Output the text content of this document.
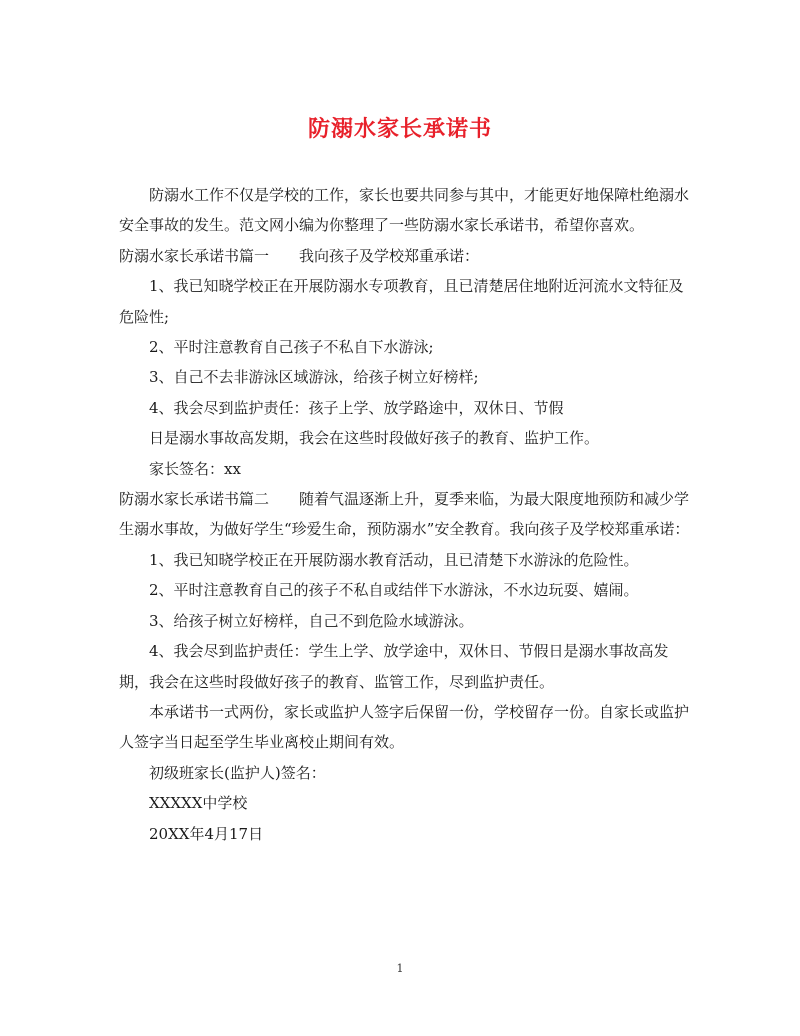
防溺水家长承诺书

防溺水工作不仅是学校的工作，家长也要共同参与其中，才能更好地保障杜绝溺水安全事故的发生。范文网小编为你整理了一些防溺水家长承诺书，希望你喜欢。

防溺水家长承诺书篇一 我向孩子及学校郑重承诺：

1、我已知晓学校正在开展防溺水专项教育，且已清楚居住地附近河流水文特征及危险性;

2、平时注意教育自己孩子不私自下水游泳;

3、自己不去非游泳区域游泳，给孩子树立好榜样;

4、我会尽到监护责任：孩子上学、放学路途中，双休日、节假

日是溺水事故高发期，我会在这些时段做好孩子的教育、监护工作。

家长签名：xx

防溺水家长承诺书篇二 随着气温逐渐上升，夏季来临，为最大限度地预防和减少学生溺水事故，为做好学生“珍爱生命，预防溺水”安全教育。我向孩子及学校郑重承诺：

1、我已知晓学校正在开展防溺水教育活动，且已清楚下水游泳的危险性。

2、平时注意教育自己的孩子不私自或结伴下水游泳，不水边玩耍、嬉闹。

3、给孩子树立好榜样，自己不到危险水域游泳。

4、我会尽到监护责任：学生上学、放学途中，双休日、节假日是溺水事故高发期，我会在这些时段做好孩子的教育、监管工作，尽到监护责任。

本承诺书一式两份，家长或监护人签字后保留一份，学校留存一份。自家长或监护人签字当日起至学生毕业离校止期间有效。

初级班家长(监护人)签名：

XXXXX中学校

20XX年4月17日

1
